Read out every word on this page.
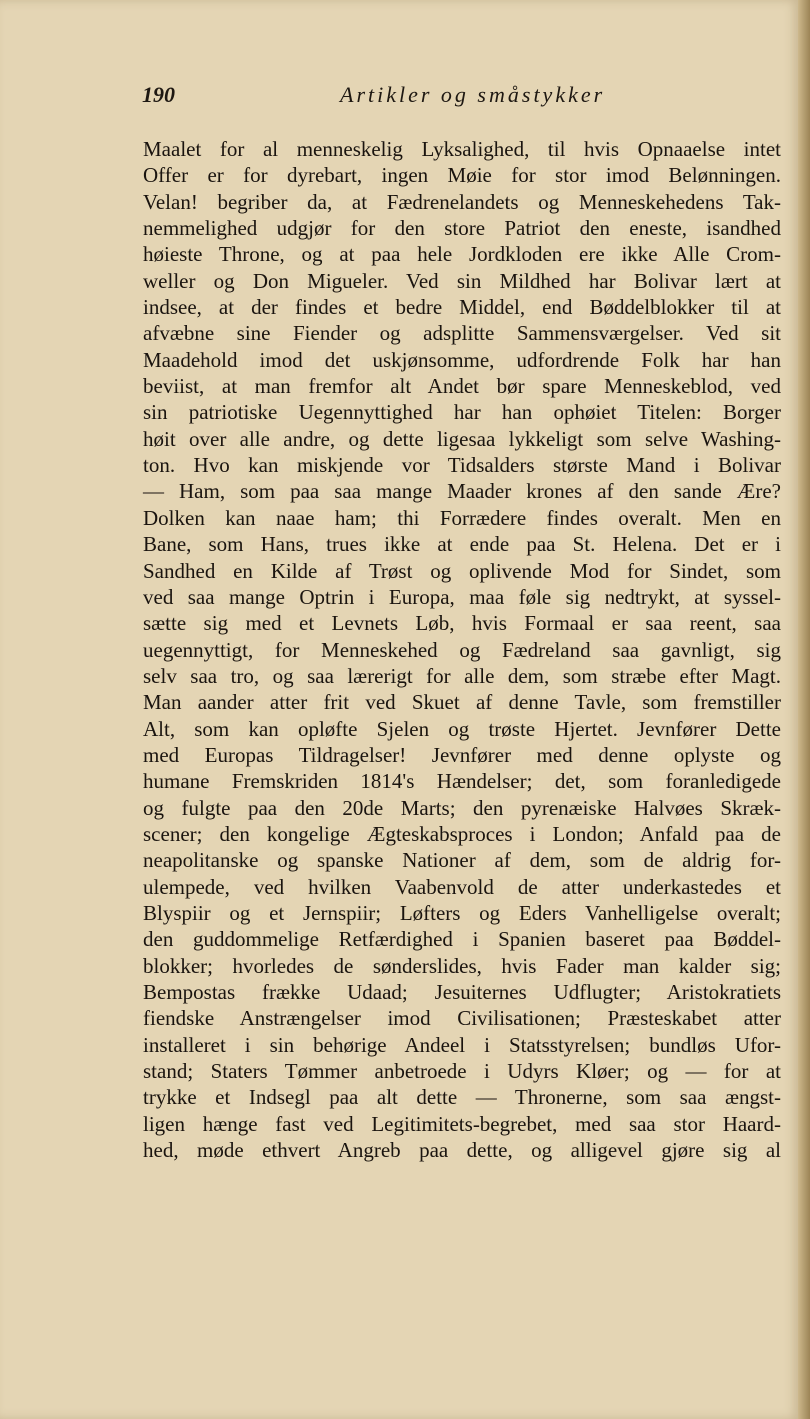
190	Artikler og småstykker
Maalet for al menneskelig Lyksalighed, til hvis Opnaaelse intet
Offer er for dyrebart, ingen Møie for stor imod Belønningen.
Velan! begriber da, at Fædrenelandets og Menneskehedens Tak-
nemmelighed udgjør for den store Patriot den eneste, isandhed
høieste Throne, og at paa hele Jordkloden ere ikke Alle Crom-
weller og Don Migueler. Ved sin Mildhed har Bolivar lært at
indsee, at der findes et bedre Middel, end Bøddelblokker til at
afvæbne sine Fiender og adsplitte Sammensværgelser. Ved sit
Maadehold imod det uskjønsomme, udfordrende Folk har han
beviist, at man fremfor alt Andet bør spare Menneskeblod, ved
sin patriotiske Uegennyttighed har han ophøiet Titelen: Borger
høit over alle andre, og dette ligesaa lykkeligt som selve Washing-
ton. Hvo kan miskjende vor Tidsalders største Mand i Bolivar
— Ham, som paa saa mange Maader krones af den sande Ære?
Dolken kan naae ham; thi Forrædere findes overalt. Men en
Bane, som Hans, trues ikke at ende paa St. Helena. Det er i
Sandhed en Kilde af Trøst og oplivende Mod for Sindet, som
ved saa mange Optrin i Europa, maa føle sig nedtrykt, at syssel-
sætte sig med et Levnets Løb, hvis Formaal er saa reent, saa
uegennyttigt, for Menneskehed og Fædreland saa gavnligt, sig
selv saa tro, og saa lærerigt for alle dem, som stræbe efter Magt.
Man aander atter frit ved Skuet af denne Tavle, som fremstiller
Alt, som kan opløfte Sjelen og trøste Hjertet. Jevnfører Dette
med Europas Tildragelser! Jevnfører med denne oplyste og
humane Fremskriden 1814's Hændelser; det, som foranledigede
og fulgte paa den 20de Marts; den pyrenæiske Halvøes Skræk-
scener; den kongelige Ægteskabsproces i London; Anfald paa de
neapolitanske og spanske Nationer af dem, som de aldrig for-
ulempede, ved hvilken Vaabenvold de atter underkastedes et
Blyspiir og et Jernspiir; Løfters og Eders Vanhelligelse overalt;
den guddommelige Retfærdighed i Spanien baseret paa Bøddel-
blokker; hvorledes de sønderslides, hvis Fader man kalder sig;
Bempostas frække Udaad; Jesuiternes Udflugter; Aristokratiets
fiendske Anstrængelser imod Civilisationen; Præsteskabet atter
installeret i sin behørige Andeel i Statsstyrelsen; bundløs Ufor-
stand; Staters Tømmer anbetroede i Udyrs Kløer; og — for at
trykke et Indsegl paa alt dette — Thronerne, som saa ængst-
ligen hænge fast ved Legitimitets-begrebet, med saa stor Haard-
hed, møde ethvert Angreb paa dette, og alligevel gjøre sig al
